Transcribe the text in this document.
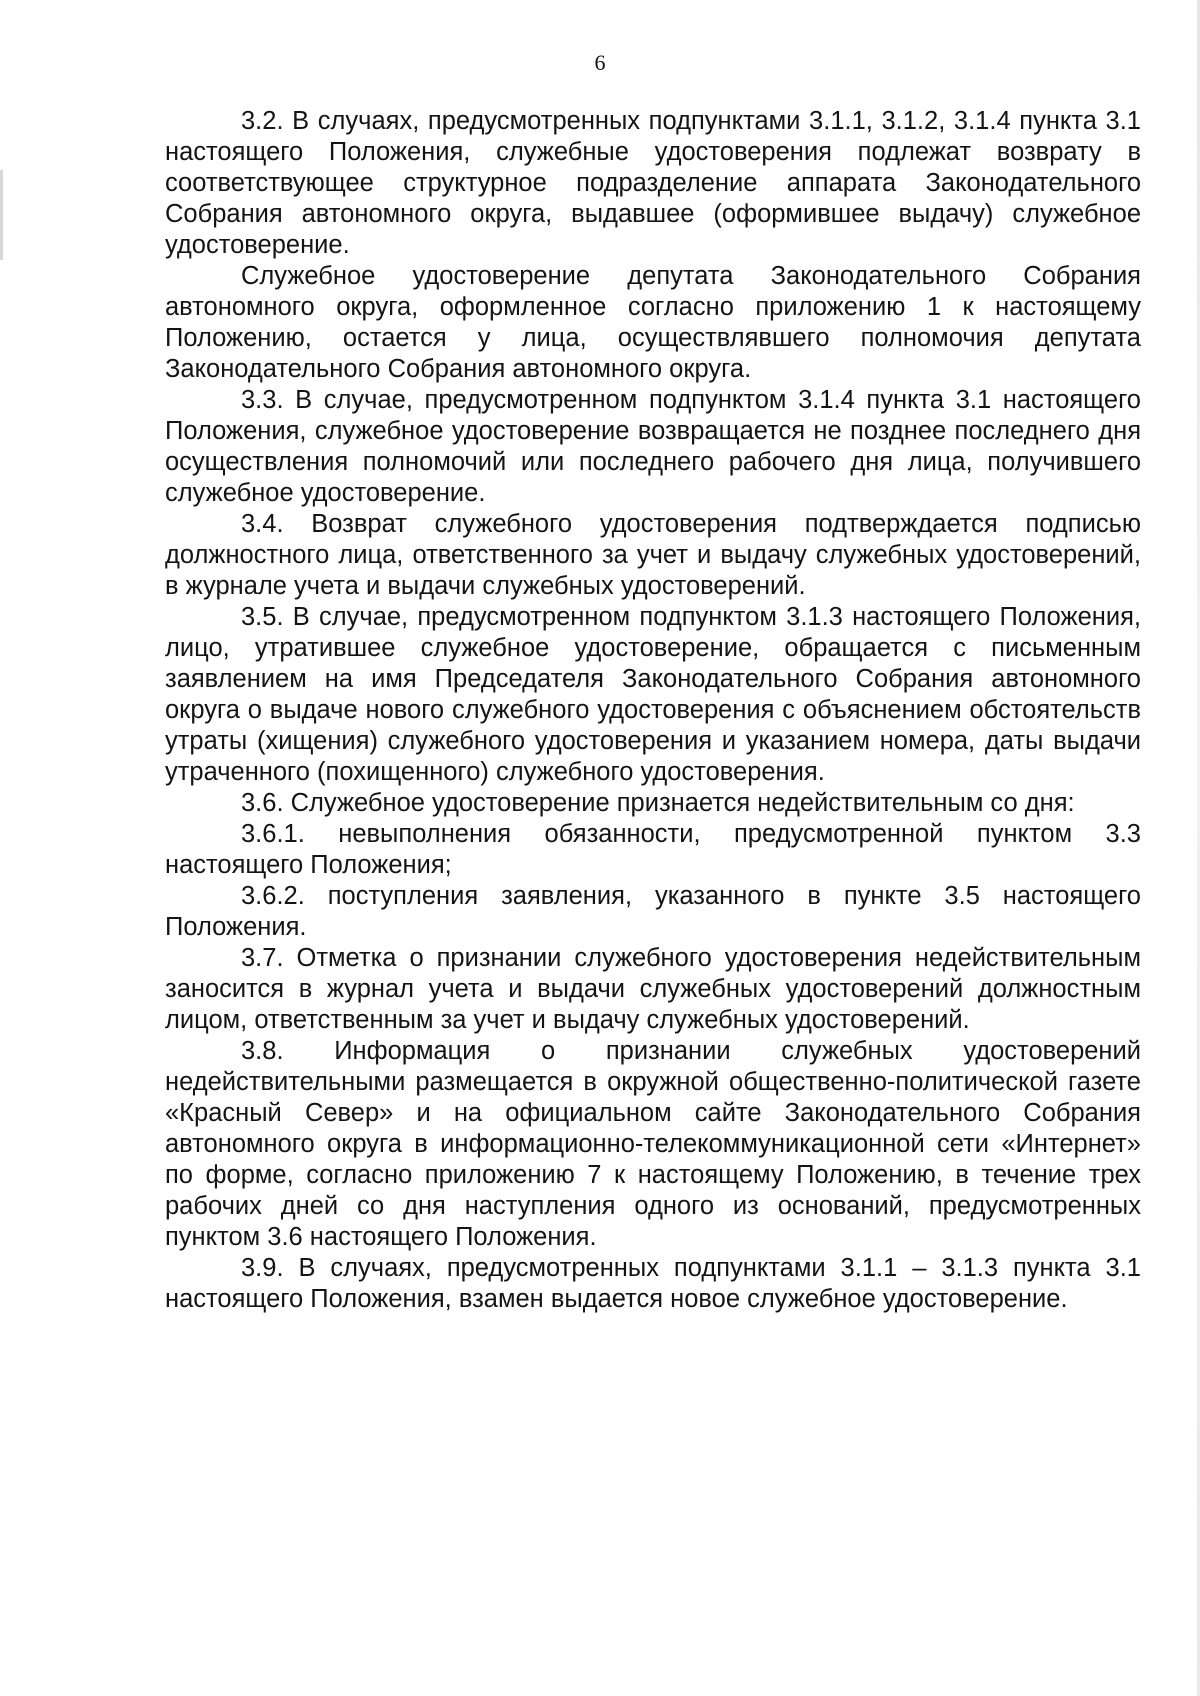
6

3.2. В случаях, предусмотренных подпунктами 3.1.1, 3.1.2, 3.1.4 пункта 3.1 настоящего Положения, служебные удостоверения подлежат возврату в соответствующее структурное подразделение аппарата Законодательного Собрания автономного округа, выдавшее (оформившее выдачу) служебное удостоверение.

Служебное удостоверение депутата Законодательного Собрания автономного округа, оформленное согласно приложению 1 к настоящему Положению, остается у лица, осуществлявшего полномочия депутата Законодательного Собрания автономного округа.

3.3. В случае, предусмотренном подпунктом 3.1.4 пункта 3.1 настоящего Положения, служебное удостоверение возвращается не позднее последнего дня осуществления полномочий или последнего рабочего дня лица, получившего служебное удостоверение.

3.4. Возврат служебного удостоверения подтверждается подписью должностного лица, ответственного за учет и выдачу служебных удостоверений, в журнале учета и выдачи служебных удостоверений.

3.5. В случае, предусмотренном подпунктом 3.1.3 настоящего Положения, лицо, утратившее служебное удостоверение, обращается с письменным заявлением на имя Председателя Законодательного Собрания автономного округа о выдаче нового служебного удостоверения с объяснением обстоятельств утраты (хищения) служебного удостоверения и указанием номера, даты выдачи утраченного (похищенного) служебного удостоверения.

3.6. Служебное удостоверение признается недействительным со дня:

3.6.1. невыполнения обязанности, предусмотренной пунктом 3.3 настоящего Положения;

3.6.2. поступления заявления, указанного в пункте 3.5 настоящего Положения.

3.7. Отметка о признании служебного удостоверения недействительным заносится в журнал учета и выдачи служебных удостоверений должностным лицом, ответственным за учет и выдачу служебных удостоверений.

3.8. Информация о признании служебных удостоверений недействительными размещается в окружной общественно-политической газете «Красный Север» и на официальном сайте Законодательного Собрания автономного округа в информационно-телекоммуникационной сети «Интернет» по форме, согласно приложению 7 к настоящему Положению, в течение трех рабочих дней со дня наступления одного из оснований, предусмотренных пунктом 3.6 настоящего Положения.

3.9. В случаях, предусмотренных подпунктами 3.1.1 – 3.1.3 пункта 3.1 настоящего Положения, взамен выдается новое служебное удостоверение.
